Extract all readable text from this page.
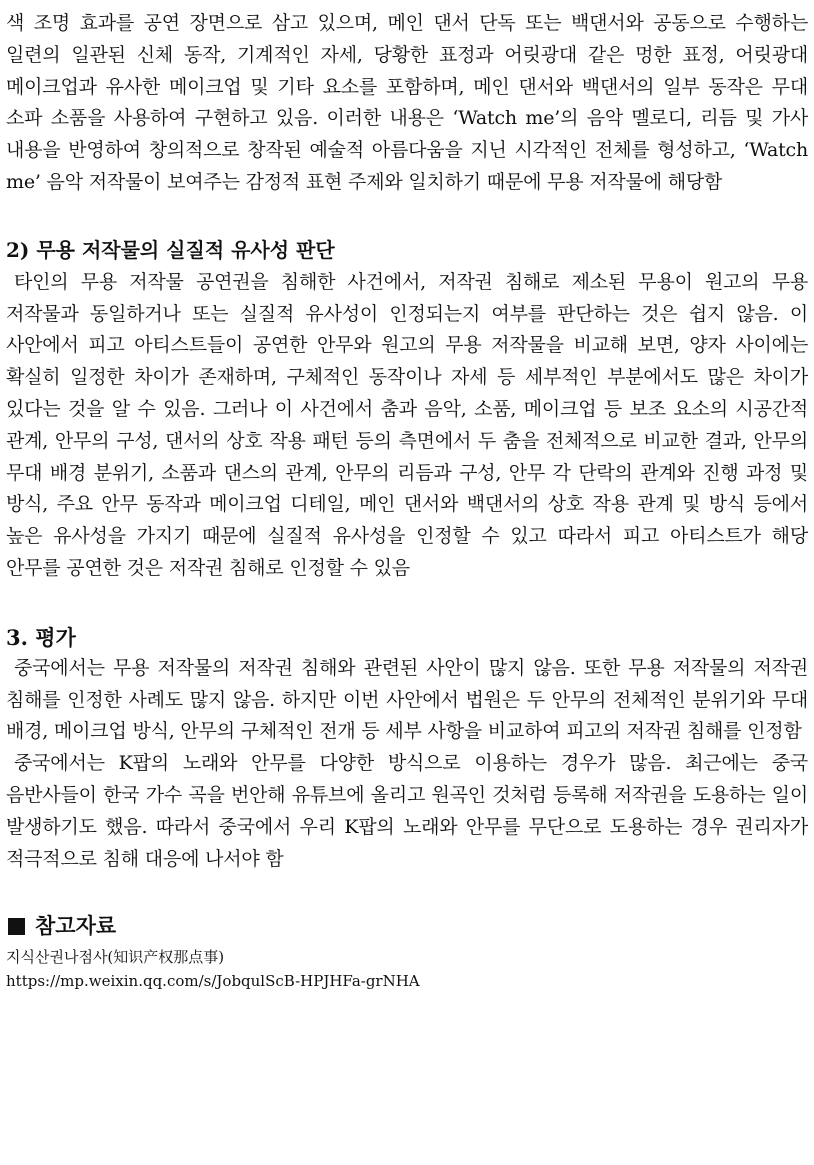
색 조명 효과를 공연 장면으로 삼고 있으며, 메인 댄서 단독 또는 백댄서와 공동으로 수행하는 일련의 일관된 신체 동작, 기계적인 자세, 당황한 표정과 어릿광대 같은 멍한 표정, 어릿광대 메이크업과 유사한 메이크업 및 기타 요소를 포함하며, 메인 댄서와 백댄서의 일부 동작은 무대 소파 소품을 사용하여 구현하고 있음. 이러한 내용은 ‘Watch me’의 음악 멜로디, 리듬 및 가사 내용을 반영하여 창의적으로 창작된 예술적 아름다움을 지닌 시각적인 전체를 형성하고, ‘Watch me’ 음악 저작물이 보여주는 감정적 표현 주제와 일치하기 때문에 무용 저작물에 해당함

2) 무용 저작물의 실질적 유사성 판단

타인의 무용 저작물 공연권을 침해한 사건에서, 저작권 침해로 제소된 무용이 원고의 무용 저작물과 동일하거나 또는 실질적 유사성이 인정되는지 여부를 판단하는 것은 쉽지 않음. 이 사안에서 피고 아티스트들이 공연한 안무와 원고의 무용 저작물을 비교해 보면, 양자 사이에는 확실히 일정한 차이가 존재하며, 구체적인 동작이나 자세 등 세부적인 부분에서도 많은 차이가 있다는 것을 알 수 있음. 그러나 이 사건에서 춤과 음악, 소품, 메이크업 등 보조 요소의 시공간적 관계, 안무의 구성, 댄서의 상호 작용 패턴 등의 측면에서 두 춤을 전체적으로 비교한 결과, 안무의 무대 배경 분위기, 소품과 댄스의 관계, 안무의 리듬과 구성, 안무 각 단락의 관계와 진행 과정 및 방식, 주요 안무 동작과 메이크업 디테일, 메인 댄서와 백댄서의 상호 작용 관계 및 방식 등에서 높은 유사성을 가지기 때문에 실질적 유사성을 인정할 수 있고 따라서 피고 아티스트가 해당 안무를 공연한 것은 저작권 침해로 인정할 수 있음

3. 평가

중국에서는 무용 저작물의 저작권 침해와 관련된 사안이 많지 않음. 또한 무용 저작물의 저작권 침해를 인정한 사례도 많지 않음. 하지만 이번 사안에서 법원은 두 안무의 전체적인 분위기와 무대 배경, 메이크업 방식, 안무의 구체적인 전개 등 세부 사항을 비교하여 피고의 저작권 침해를 인정함

중국에서는 K팝의 노래와 안무를 다양한 방식으로 이용하는 경우가 많음. 최근에는 중국 음반사들이 한국 가수 곡을 번안해 유튜브에 올리고 원곡인 것처럼 등록해 저작권을 도용하는 일이 발생하기도 했음. 따라서 중국에서 우리 K팝의 노래와 안무를 무단으로 도용하는 경우 권리자가 적극적으로 침해 대응에 나서야 함

참고자료

지식산권나점사(知识产权那点事)

https://mp.weixin.qq.com/s/JobqulScB-HPJHFa-grNHA
